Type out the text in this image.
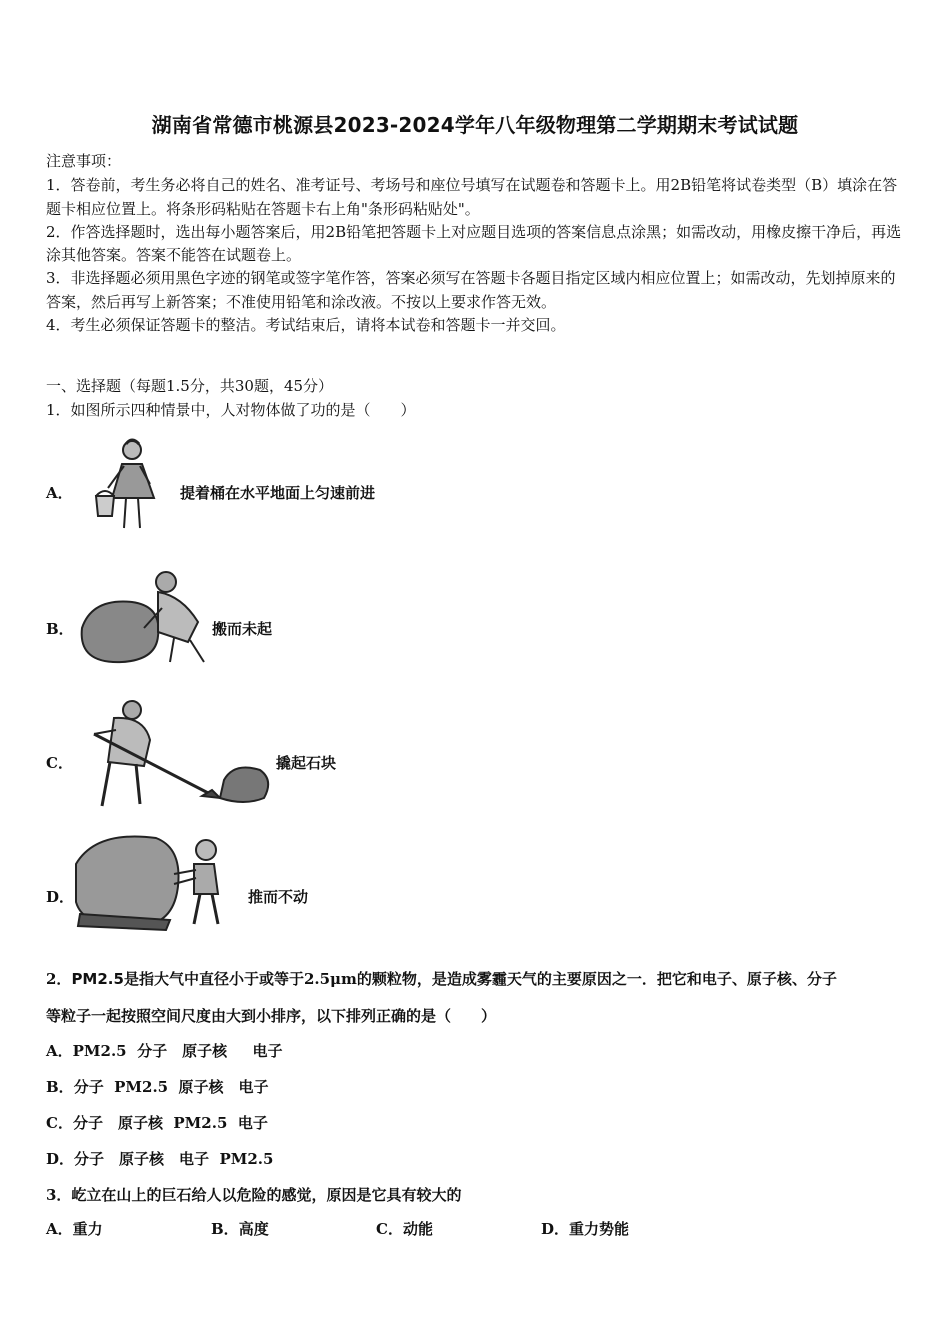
湖南省常德市桃源县2023-2024学年八年级物理第二学期期末考试试题

注意事项：

1．答卷前，考生务必将自己的姓名、准考证号、考场号和座位号填写在试题卷和答题卡上。用2B铅笔将试卷类型（B）填涂在答题卡相应位置上。将条形码粘贴在答题卡右上角"条形码粘贴处"。

2．作答选择题时，选出每小题答案后，用2B铅笔把答题卡上对应题目选项的答案信息点涂黑；如需改动，用橡皮擦干净后，再选涂其他答案。答案不能答在试题卷上。

3．非选择题必须用黑色字迹的钢笔或签字笔作答，答案必须写在答题卡各题目指定区域内相应位置上；如需改动，先划掉原来的答案，然后再写上新答案；不准使用铅笔和涂改液。不按以上要求作答无效。

4．考生必须保证答题卡的整洁。考试结束后，请将本试卷和答题卡一并交回。

一、选择题（每题1.5分，共30题，45分）
1．如图所示四种情景中，人对物体做了功的是（　　）
A．	提着桶在水平地面上匀速前进
B．	搬而未起
C．	撬起石块
D．	推而不动
2．PM2.5是指大气中直径小于或等于2.5μm的颗粒物，是造成雾霾天气的主要原因之一．把它和电子、原子核、分子
等粒子一起按照空间尺度由大到小排序，以下排列正确的是（　　）
A．PM2.5  分子　原子核　  电子
B．分子  PM2.5  原子核　电子
C．分子　原子核  PM2.5  电子
D．分子　原子核　电子  PM2.5
3．屹立在山上的巨石给人以危险的感觉，原因是它具有较大的
A．重力	B．高度	C．动能	D．重力势能
